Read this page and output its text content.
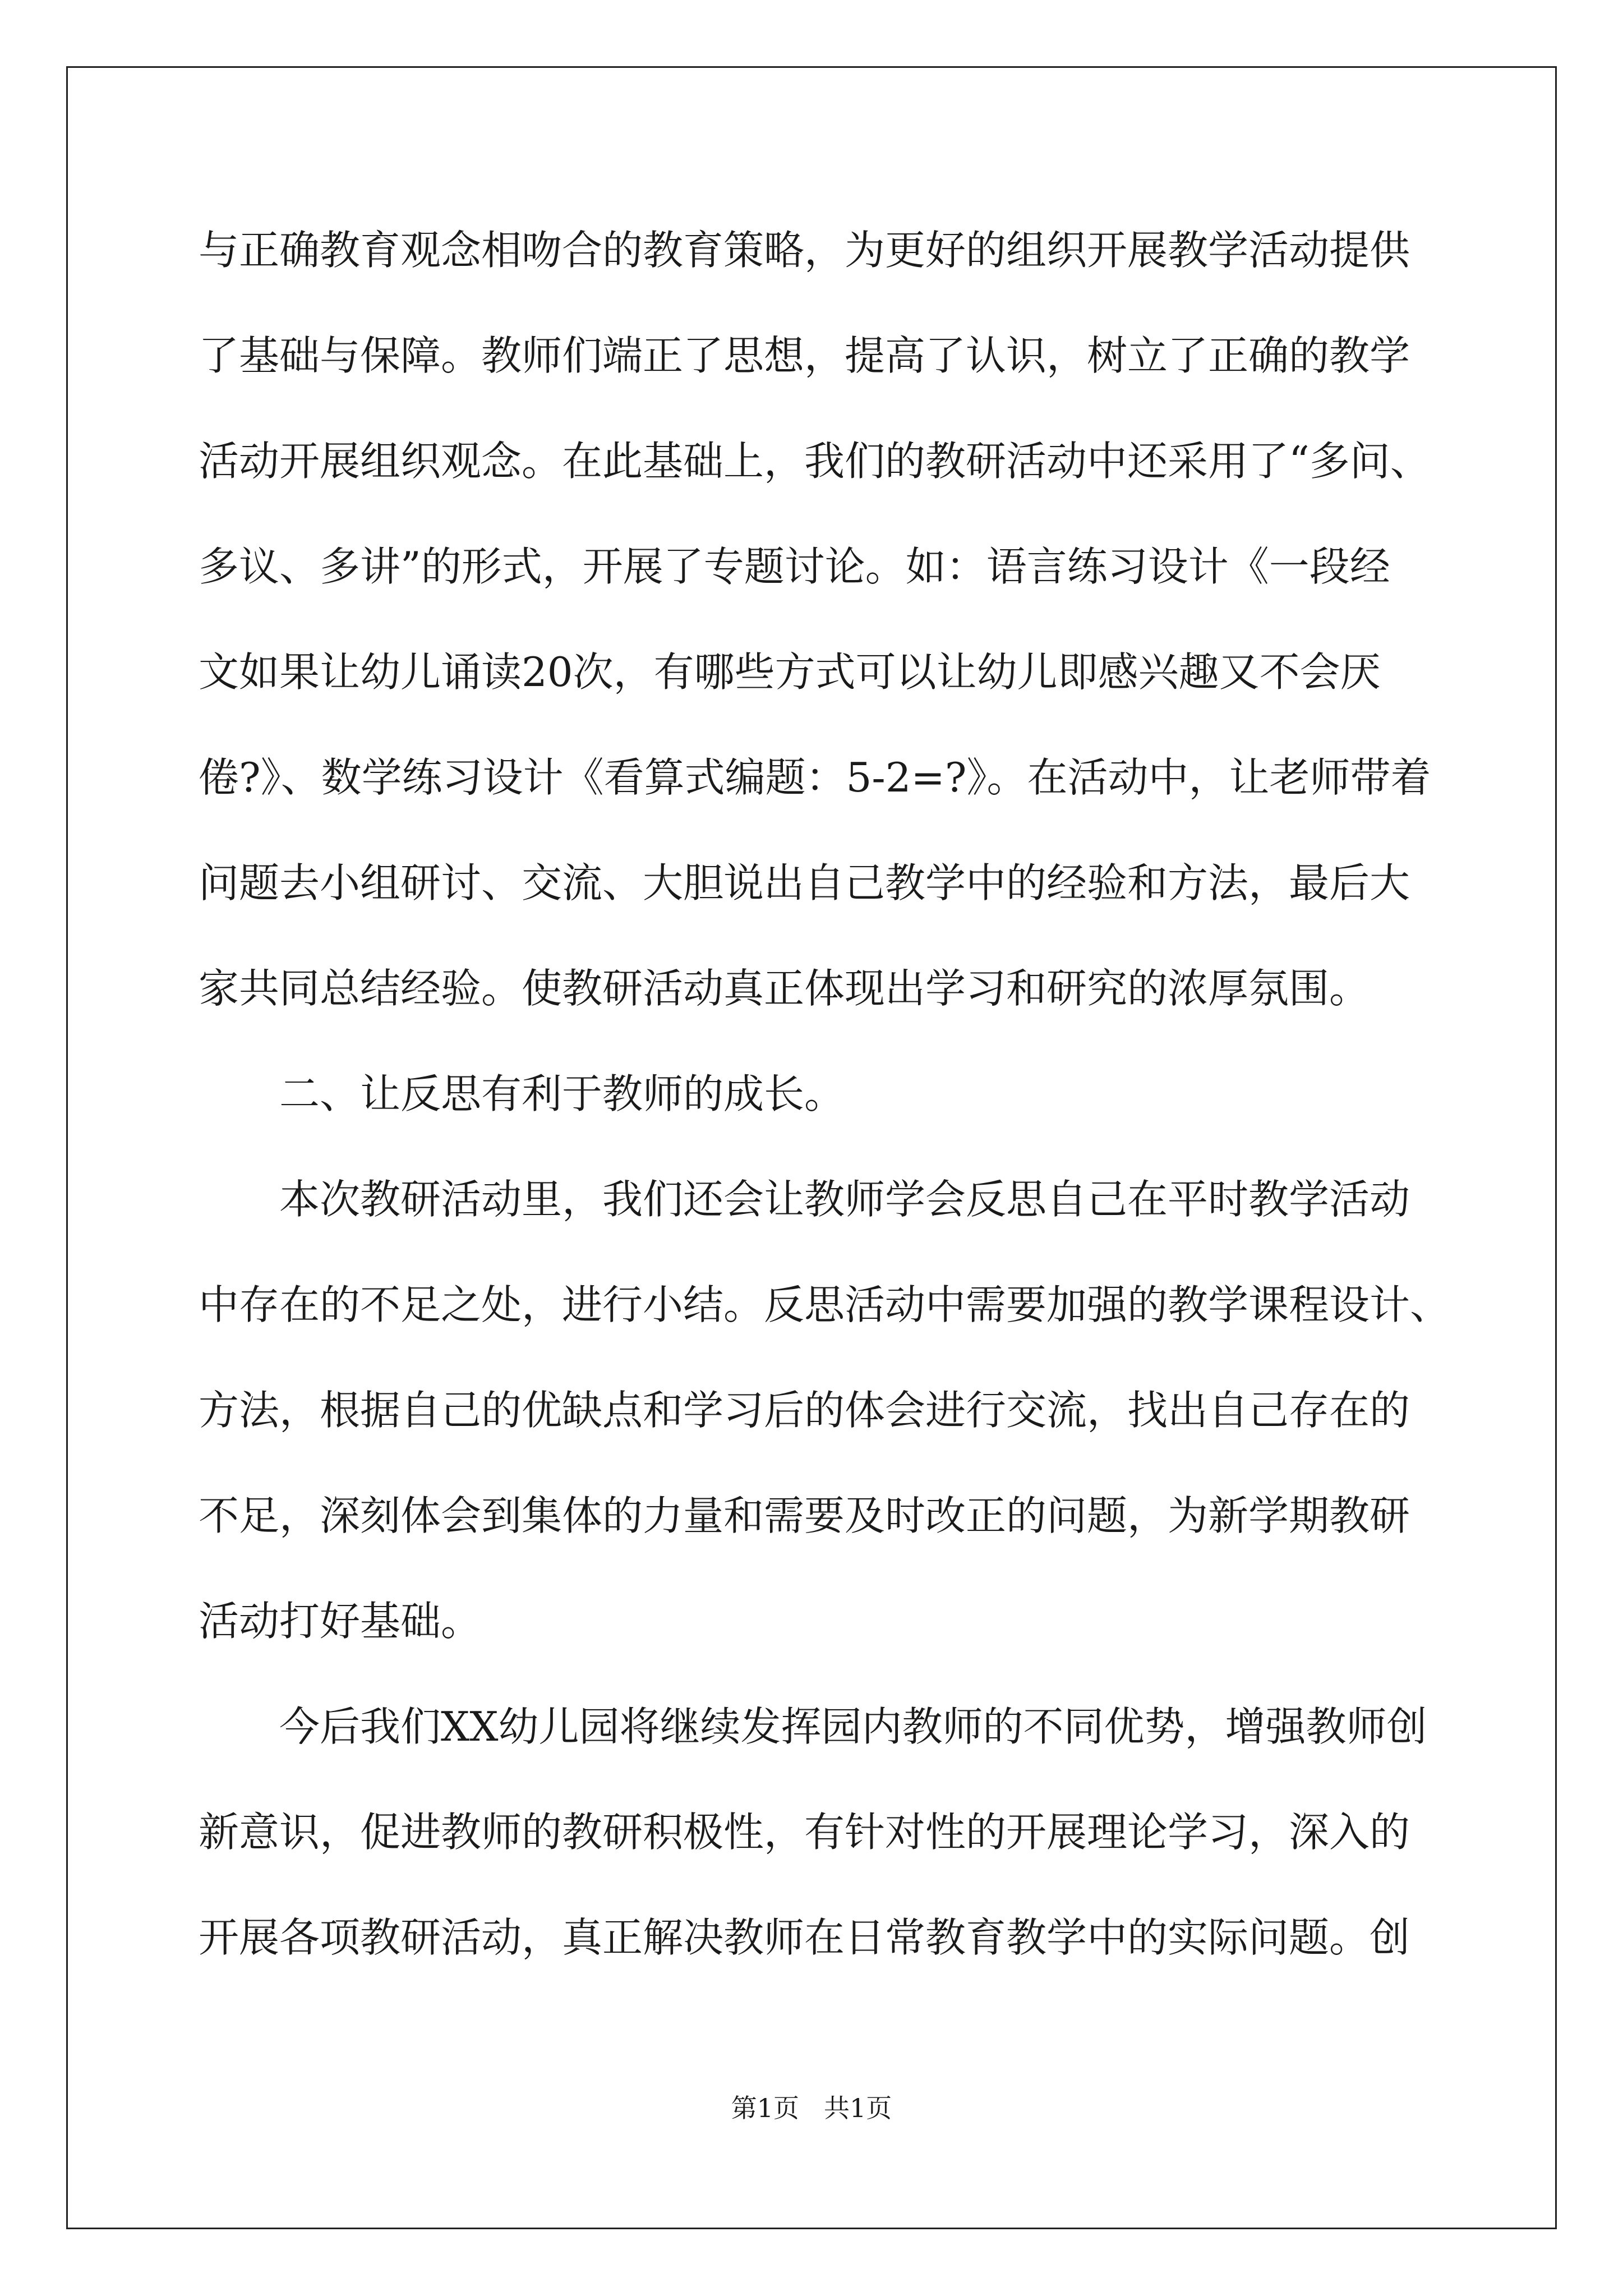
与正确教育观念相吻合的教育策略，为更好的组织开展教学活动提供
了基础与保障。教师们端正了思想，提高了认识，树立了正确的教学
活动开展组织观念。在此基础上，我们的教研活动中还采用了“多问、
多议、多讲”的形式，开展了专题讨论。如：语言练习设计《一段经
文如果让幼儿诵读20次，有哪些方式可以让幼儿即感兴趣又不会厌
倦?》、数学练习设计《看算式编题：5-2=?》。在活动中，让老师带着
问题去小组研讨、交流、大胆说出自己教学中的经验和方法，最后大
家共同总结经验。使教研活动真正体现出学习和研究的浓厚氛围。
二、让反思有利于教师的成长。
本次教研活动里，我们还会让教师学会反思自己在平时教学活动
中存在的不足之处，进行小结。反思活动中需要加强的教学课程设计、
方法，根据自己的优缺点和学习后的体会进行交流，找出自己存在的
不足，深刻体会到集体的力量和需要及时改正的问题，为新学期教研
活动打好基础。
今后我们XX幼儿园将继续发挥园内教师的不同优势，增强教师创
新意识，促进教师的教研积极性，有针对性的开展理论学习，深入的
开展各项教研活动，真正解决教师在日常教育教学中的实际问题。创
第1页 共1页
